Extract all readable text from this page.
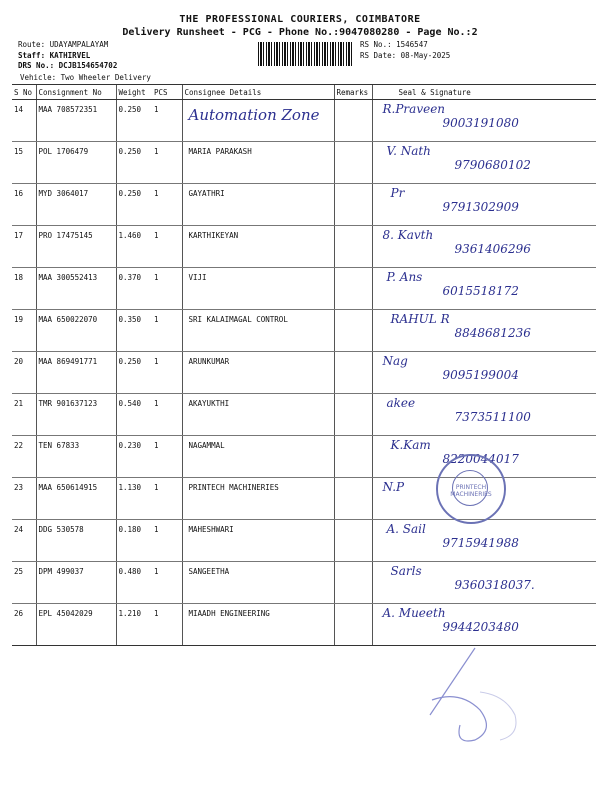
THE PROFESSIONAL COURIERS, COIMBATORE
Delivery Runsheet - PCG - Phone No.:9047080280 - Page No.:2
Route: UDAYAMPALAYAM
Staff: KATHIRVEL
DRS No.: DCJB154654702
RS No.: 1546547
RS Date: 08-May-2025
Vehicle: Two Wheeler Delivery
S No	Consignment No	Weight	PCS	Consignee Details	Remarks	Seal & Signature
14	MAA 708572351	0.250	1	Automation Zone		R.Praveen
9003191080

15	POL 1706479	0.250	1	MARIA PARAKASH		V. Nath
9790680102

16	MYD 3064017	0.250	1	GAYATHRI		Pr
9791302909

17	PRO 17475145	1.460	1	KARTHIKEYAN		8. Kavth
9361406296

18	MAA 300552413	0.370	1	VIJI		P. Ans
6015518172

19	MAA 650022070	0.350	1	SRI KALAIMAGAL CONTROL		RAHUL R
8848681236

20	MAA 869491771	0.250	1	ARUNKUMAR		Nag
9095199004

21	TMR 901637123	0.540	1	AKAYUKTHI		akee
7373511100

22	TEN 67833	0.230	1	NAGAMMAL		K.Kam
8220044017

23	MAA 650614915	1.130	1	PRINTECH MACHINERIES		N.P

24	DDG 530578	0.180	1	MAHESHWARI		A. Sail
9715941988

25	DPM 499037	0.480	1	SANGEETHA		Sarls
9360318037.

26	EPL 45042029	1.210	1	MIAADH ENGINEERING		A. Mueeth
9944203480
PRINTECH MACHINERIES
